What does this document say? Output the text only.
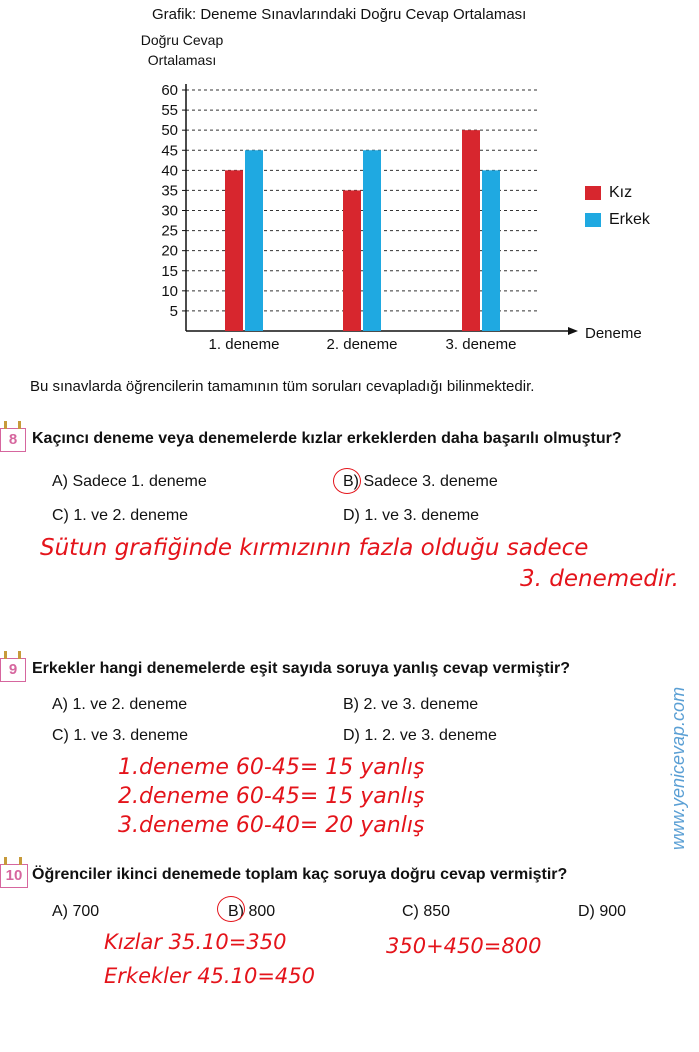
Grafik: Deneme Sınavlarındaki Doğru Cevap Ortalaması
Doğru Cevap
Ortalaması
5
10
15
20
25
30
35
40
45
50
55
60
Deneme
1. deneme	2. deneme	3. deneme
Kız
Erkek
Bu sınavlarda öğrencilerin tamamının tüm soruları cevapladığı bilinmektedir.
8 Kaçıncı deneme veya denemelerde kızlar erkeklerden daha başarılı olmuştur?
A) Sadece 1. deneme	B) Sadece 3. deneme
C) 1. ve 2. deneme	D) 1. ve 3. deneme
Sütun grafiğinde kırmızının fazla olduğu sadece
3. denemedir.
9 Erkekler hangi denemelerde eşit sayıda soruya yanlış cevap vermiştir?
A) 1. ve 2. deneme	B) 2. ve 3. deneme
C) 1. ve 3. deneme	D) 1. 2. ve 3. deneme
1.deneme 60-45= 15 yanlış
2.deneme 60-45= 15 yanlış
3.deneme 60-40= 20 yanlış
10 Öğrenciler ikinci denemede toplam kaç soruya doğru cevap vermiştir?
A) 700	B) 800	C) 850	D) 900
Kızlar 35.10=350
Erkekler 45.10=450
350+450=800
www.yenicevap.com
